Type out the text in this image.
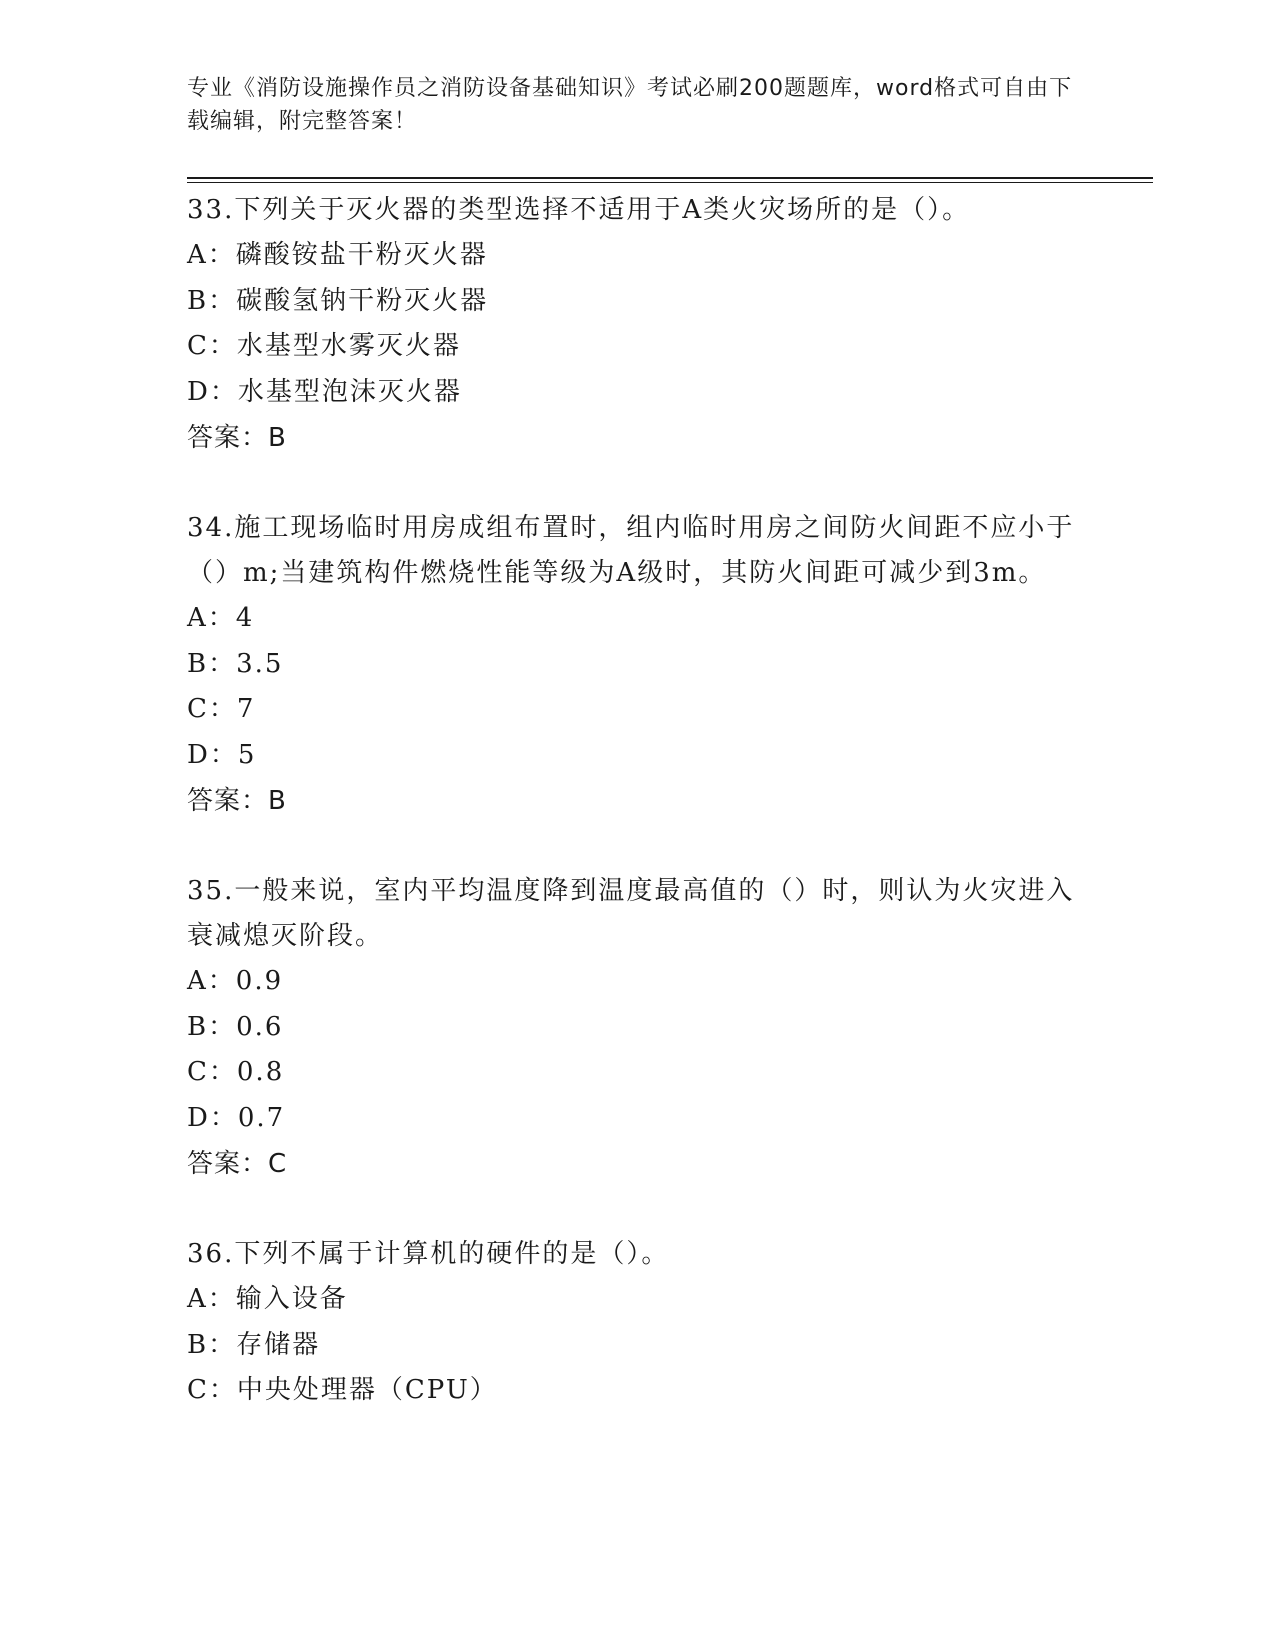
专业《消防设施操作员之消防设备基础知识》考试必刷200题题库，word格式可自由下载编辑，附完整答案！
33.下列关于灭火器的类型选择不适用于A类火灾场所的是（）。
A：磷酸铵盐干粉灭火器
B：碳酸氢钠干粉灭火器
C：水基型水雾灭火器
D：水基型泡沫灭火器
答案：B
34.施工现场临时用房成组布置时，组内临时用房之间防火间距不应小于（）m;当建筑构件燃烧性能等级为A级时，其防火间距可减少到3m。
A：4
B：3.5
C：7
D：5
答案：B
35.一般来说，室内平均温度降到温度最高值的（）时，则认为火灾进入衰减熄灭阶段。
A：0.9
B：0.6
C：0.8
D：0.7
答案：C
36.下列不属于计算机的硬件的是（）。
A：输入设备
B：存储器
C：中央处理器（CPU）
